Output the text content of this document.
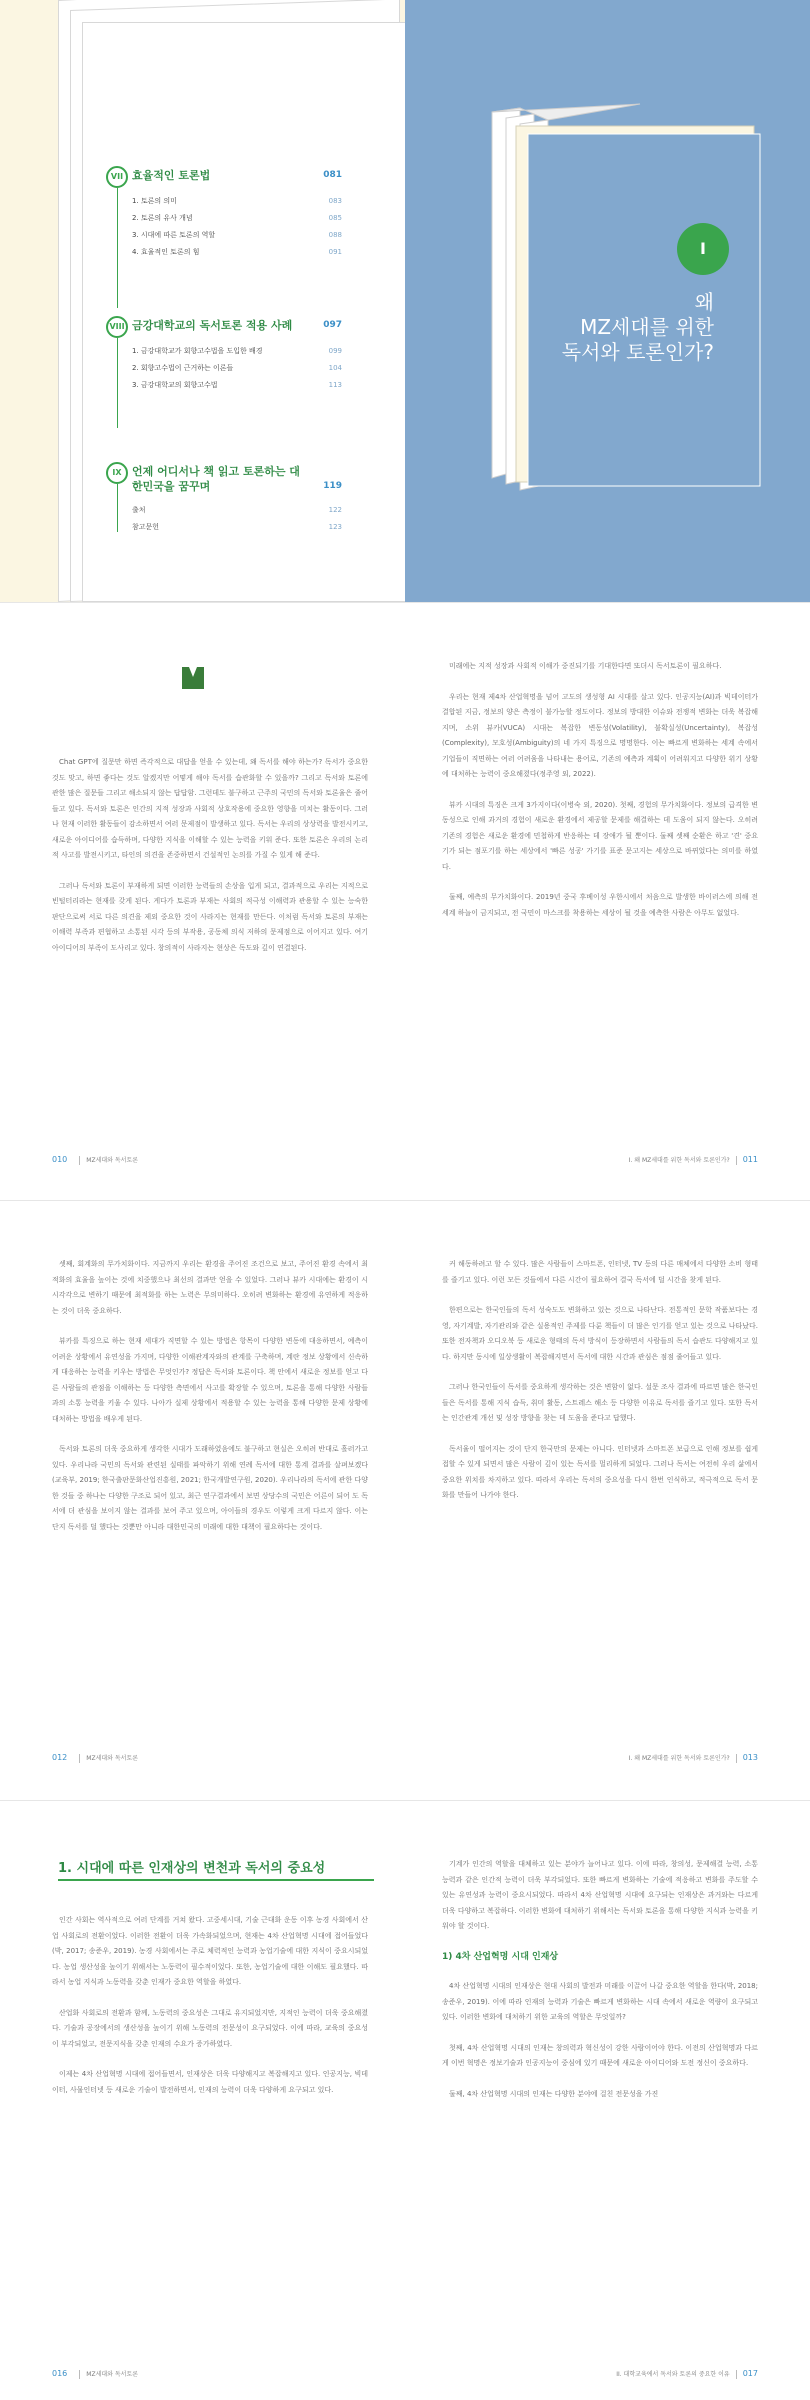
VII 효율적인 토론법	081
1. 토론의 의미	083
2. 토론의 유사 개념	085
3. 시대에 따른 토론의 역할	088
4. 효율적인 토론의 힘	091
VIII 금강대학교의 독서토론 적용 사례	097
1. 금강대학교가 회향고수법을 도입한 배경	099
2. 회향고수법이 근거하는 이론들	104
3. 금강대학교의 회향고수법	113
IX 언제 어디서나 책 읽고 토론하는 대한민국을 꿈꾸며	119
출처	122
참고문헌	123
I
왜
MZ세대를 위한
독서와 토론인가?

Chat GPT에 질문만 하면 즉각적으로 대답을 얻을 수 있는데, 왜 독서를 해야 하는가? 독서가 중요한 것도 맞고, 하면 좋다는 것도 알겠지만 어떻게 해야 독서를 습관화할 수 있을까? 그리고 독서와 토론에 관한 많은 질문들 그리고 해소되지 않는 답답함. 그런데도 불구하고 근주의 국민의 독서와 토론율은 줄어들고 있다. 독서와 토론은 인간의 지적 성장과 사회적 상호작용에 중요한 영향을 미치는 활동이다. 그러나 현재 이러한 활동들이 감소하면서 여러 문제점이 발생하고 있다. 독서는 우리의 상상력을 발전시키고, 새로운 아이디어를 습득하며, 다양한 지식을 이해할 수 있는 능력을 키워 준다. 또한 토론은 우리의 논리적 사고를 발전시키고, 타인의 의견을 존중하면서 건설적인 논의를 가질 수 있게 해 준다.

그러나 독서와 토론이 부재하게 되면 이러한 능력들의 손상을 입게 되고, 결과적으로 우리는 지적으로 빈털터리라는 현재를 갖게 된다. 게다가 토론과 부재는 사회의 적극성 이해력과 관용할 수 있는 능숙한 판단으로써 서로 다른 의견을 제외 중요한 것이 사라지는 현재를 만든다. 이처럼 독서와 토론의 부재는 이해력 부족과 편협하고 소통된 시각 등의 부작용, 공동체 의식 저하의 문제점으로 이어지고 있다. 여기 아이디어의 부족이 도사리고 있다. 창의적이 사라지는 현상은 독도와 깊이 연결된다.

미래에는 지적 성장과 사회적 이해가 중진되기를 기대한다면 또더시 독서토론이 필요하다.

우리는 현재 제4차 산업혁명을 넘어 고도의 생성형 AI 시대를 살고 있다. 인공지능(AI)과 빅데이터가 결합된 지금, 정보의 양은 측정이 불가능할 정도이다. 정보의 방대한 이슈와 전쟁적 변화는 더욱 복잡해지며, 소위 뷰카(VUCA) 시대는 복잡한 변동성(Volatility), 불확실성(Uncertainty), 복잡성(Complexity), 모호성(Ambiguity)의 네 가지 특징으로 명명한다. 이는 빠르게 변화하는 세계 속에서 기업들이 직면하는 여러 어려움을 나타내는 용어로, 기존의 예측과 계획이 어려워지고 다양한 위기 상황에 대처하는 능력이 중요해졌다(정주영 외, 2022).

뷰카 시대의 특징은 크게 3가지이다(이병숙 외, 2020). 첫째, 경험의 무가치화이다. 정보의 급격한 변동성으로 인해 과거의 경험이 새로운 환경에서 제공할 문제를 해결하는 데 도움이 되지 않는다. 오히려 기존의 경험은 새로운 환경에 민첩하게 반응하는 데 장애가 될 뿐이다. 둘째 셋째 순환은 하고 '견' 중요기가 되는 점포기를 하는 세상에서 '빠른 성공' 가기를 표준 문고지는 세상으로 바뀌었다는 의미를 하였다.

둘째, 예측의 무가치화이다. 2019년 중국 후베이성 우한시에서 처음으로 발생한 바이러스에 의해 전 세계 하늘이 금지되고, 전 국민이 마스크를 착용하는 세상이 될 것을 예측한 사람은 아무도 없었다.

010	MZ세대와 독서토론	I. 왜 MZ세대를 위한 독서와 토론인가? 011

셋째, 회계화의 무가치화이다. 지금까지 우리는 환경을 주어진 조건으로 보고, 주어진 환경 속에서 최적화의 효율을 높이는 것에 치중했으나 최선의 결과만 얻을 수 있었다. 그러나 뷰카 시대에는 환경이 시시각각으로 변하기 때문에 최적화를 하는 노력은 무의미하다. 오히려 변화하는 환경에 유연하게 적응하는 것이 더욱 중요하다.

뷰카를 특징으로 하는 현재 세대가 직면할 수 있는 방법은 항목이 다양한 변동에 대응하면서, 예측이 어려운 상황에서 유연성을 가지며, 다양한 이해관계자와의 관계를 구축하며, 계란 정보 상황에서 신속하게 대응하는 능력을 키우는 방법은 무엇인가? 정답은 독서와 토론이다. 책 안에서 새로운 정보를 얻고 다른 사람들의 관점을 이해하는 등 다양한 측면에서 사고를 확장할 수 있으며, 토론을 통해 다양한 사람들과의 소통 능력을 키울 수 있다. 나아가 실제 상황에서 적용할 수 있는 능력을 통해 다양한 문제 상황에 대처하는 방법을 배우게 된다.

독서와 토론의 더욱 중요하게 생각한 시대가 도래하였음에도 불구하고 현실은 오히려 반대로 흘러가고 있다. 우리나라 국민의 독서와 관련된 실태를 파악하기 위해 연례 독서에 대한 통계 결과를 살펴보겠다(교육부, 2019; 한국출판문화산업진흥원, 2021; 한국개발연구원, 2020). 우리나라의 독서에 관한 다양한 것들 중 하나는 다양한 구조로 되어 있고, 최근 연구결과에서 보면 상당수의 국민은 어른이 되어 도 독서에 더 관심을 보이지 않는 결과를 보여 주고 있으며, 아이들의 경우도 이렇게 크게 다르지 않다. 이는 단지 독서를 덜 했다는 것뿐만 아니라 대한민국의 미래에 대한 대책이 필요하다는 것이다.

커 해동하려고 할 수 있다. 많은 사람들이 스마트폰, 인터넷, TV 등의 다른 매체에서 다양한 소비 형태를 즐기고 있다. 이런 모든 것들에서 다른 시간이 필요하여 결국 독서에 덜 시간을 찾게 된다.

한편으로는 한국인들의 독서 성숙도도 변화하고 있는 것으로 나타난다. 전통적인 문학 작품보다는 경영, 자기계발, 자기관리와 같은 실용적인 주제를 다룬 책들이 더 많은 인기를 얻고 있는 것으로 나타났다. 또한 전자책과 오디오북 등 새로운 형태의 독서 방식이 등장하면서 사람들의 독서 습관도 다양해지고 있다. 하지만 동시에 일상생활이 복잡해지면서 독서에 대한 시간과 관심은 점점 줄어들고 있다.

그러나 한국인들이 독서를 중요하게 생각하는 것은 변함이 없다. 설문 조사 결과에 따르면 많은 한국인들은 독서를 통해 지식 습득, 취미 활동, 스트레스 해소 등 다양한 이유로 독서를 즐기고 있다. 또한 독서는 인간관계 개선 및 성장 방향을 찾는 데 도움을 준다고 답했다.

독서율이 떨어지는 것이 단지 한국만의 문제는 아니다. 인터넷과 스마트폰 보급으로 인해 정보를 쉽게 접할 수 있게 되면서 많은 사람이 깊이 있는 독서를 멀리하게 되었다. 그러나 독서는 여전히 우리 삶에서 중요한 위치를 차지하고 있다. 따라서 우리는 독서의 중요성을 다시 한번 인식하고, 적극적으로 독서 문화를 만들어 나가야 한다.

012	MZ세대와 독서토론	I. 왜 MZ세대를 위한 독서와 토론인가? 013
1. 시대에 따른 인재상의 변천과 독서의 중요성

인간 사회는 역사적으로 여러 단계를 거쳐 왔다. 고중세시대, 기술 근대화 운동 이후 농경 사회에서 산업 사회로의 전환이었다. 이러한 전환이 더욱 가속화되었으며, 현재는 4차 산업혁명 시대에 접어들었다(박, 2017; 송준우, 2019). 농경 사회에서는 주로 체력적인 능력과 농업기술에 대한 지식이 중요시되었다. 농업 생산성을 높이기 위해서는 노동력이 필수적이었다. 또한, 농업기술에 대한 이해도 필요했다. 따라서 농업 지식과 노동력을 갖춘 인재가 중요한 역할을 하였다.

산업화 사회로의 전환과 함께, 노동력의 중요성은 그대로 유지되었지만, 지적인 능력이 더욱 중요해졌다. 기술과 공장에서의 생산성을 높이기 위해 노동력의 전문성이 요구되었다. 이에 따라, 교육의 중요성이 부각되었고, 전문지식을 갖춘 인재의 수요가 증가하였다.

이제는 4차 산업혁명 시대에 접어들면서, 인재상은 더욱 다양해지고 복잡해지고 있다. 인공지능, 빅데이터, 사물인터넷 등 새로운 기술이 발전하면서, 인재의 능력이 더욱 다양하게 요구되고 있다.

기계가 인간의 역할을 대체하고 있는 분야가 늘어나고 있다. 이에 따라, 창의성, 문제해결 능력, 소통 능력과 같은 인간적 능력이 더욱 부각되었다. 또한 빠르게 변화하는 기술에 적응하고 변화를 주도할 수 있는 유연성과 능력이 중요시되었다. 따라서 4차 산업혁명 시대에 요구되는 인재상은 과거와는 다르게 더욱 다양하고 복잡하다. 이러한 변화에 대처하기 위해서는 독서와 토론을 통해 다양한 지식과 능력을 키워야 할 것이다.

1) 4차 산업혁명 시대 인재상

4차 산업혁명 시대의 인재상은 현대 사회의 발전과 미래를 이끌어 나갈 중요한 역할을 한다(박, 2018; 송준우, 2019). 이에 따라 인재의 능력과 기술은 빠르게 변화하는 시대 속에서 새로운 역량이 요구되고 있다. 이러한 변화에 대처하기 위한 교육의 역할은 무엇일까?

첫째, 4차 산업혁명 시대의 인재는 창의력과 혁신성이 강한 사람이어야 한다. 이전의 산업혁명과 다르게 이번 혁명은 정보기술과 인공지능이 중심에 있기 때문에 새로운 아이디어와 도전 정신이 중요하다.

둘째, 4차 산업혁명 시대의 인재는 다양한 분야에 걸친 전문성을 가진

016	MZ세대와 독서토론	II. 대학교육에서 독서와 토론의 중요한 이유 017
